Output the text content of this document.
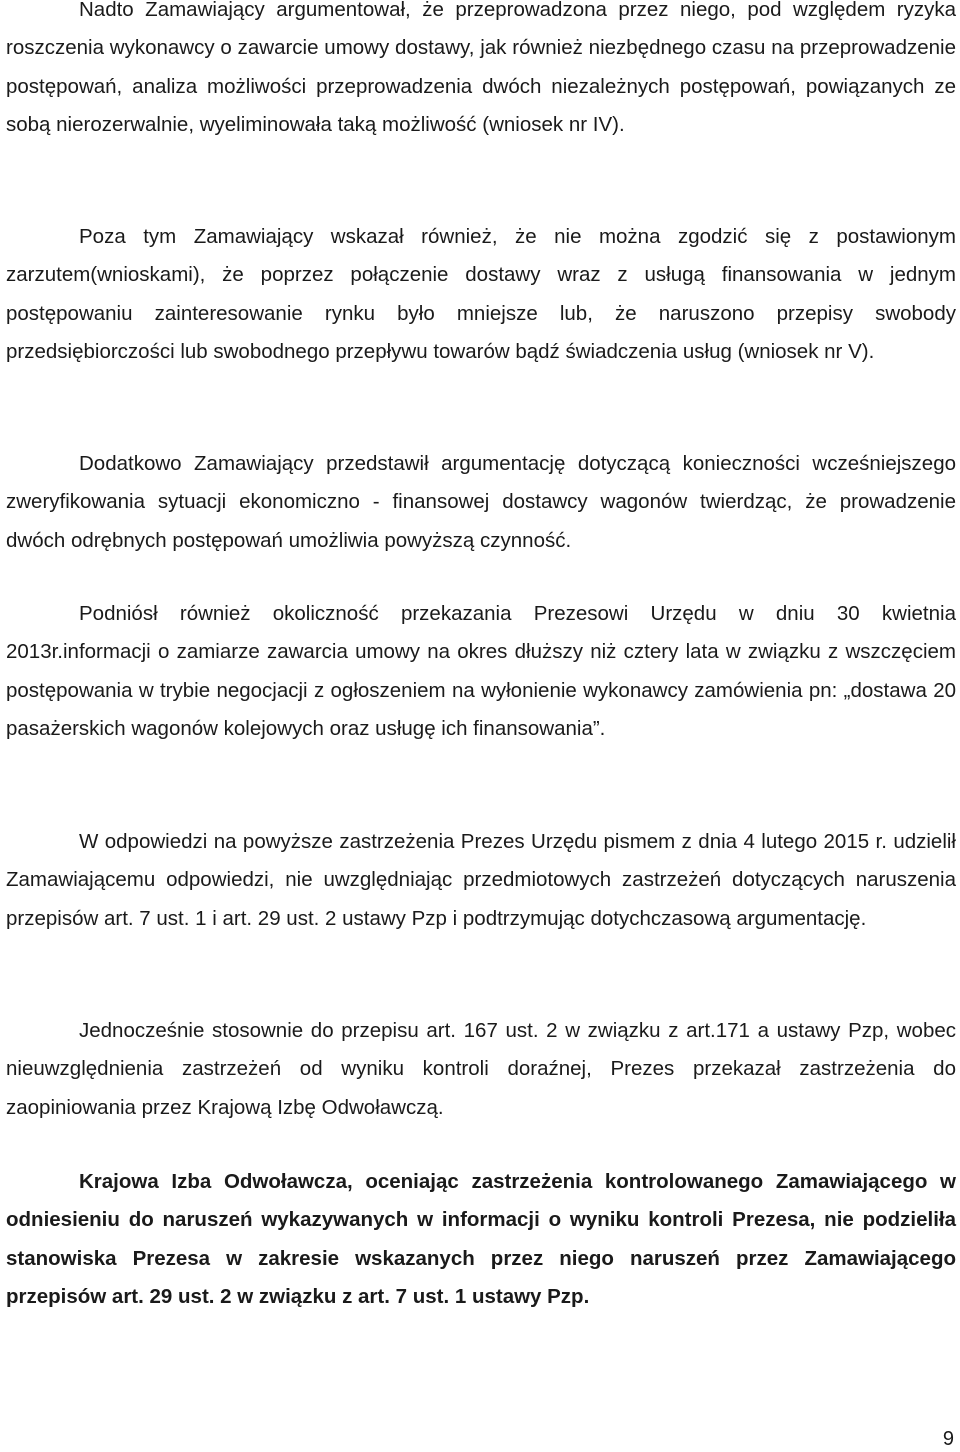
Nadto Zamawiający argumentował, że przeprowadzona przez niego, pod względem ryzyka roszczenia wykonawcy o zawarcie umowy dostawy, jak również niezbędnego czasu na przeprowadzenie postępowań, analiza możliwości przeprowadzenia dwóch niezależnych postępowań, powiązanych ze sobą nierozerwalnie, wyeliminowała taką możliwość (wniosek nr IV).

Poza tym Zamawiający wskazał również, że nie można zgodzić się z postawionym zarzutem(wnioskami), że poprzez połączenie dostawy wraz z usługą finansowania w jednym postępowaniu zainteresowanie rynku było mniejsze lub, że naruszono przepisy swobody przedsiębiorczości lub swobodnego przepływu towarów bądź świadczenia usług (wniosek nr V).

Dodatkowo Zamawiający przedstawił argumentację dotyczącą konieczności wcześniejszego zweryfikowania sytuacji ekonomiczno - finansowej dostawcy wagonów twierdząc, że prowadzenie dwóch odrębnych postępowań umożliwia powyższą czynność.

Podniósł również okoliczność przekazania Prezesowi Urzędu w dniu 30 kwietnia 2013r.informacji o zamiarze zawarcia umowy na okres dłuższy niż cztery lata w związku z wszczęciem postępowania w trybie negocjacji z ogłoszeniem na wyłonienie wykonawcy zamówienia pn: „dostawa 20 pasażerskich wagonów kolejowych oraz usługę ich finansowania”.

W odpowiedzi na powyższe zastrzeżenia Prezes Urzędu pismem z dnia 4 lutego 2015 r. udzielił Zamawiającemu odpowiedzi, nie uwzględniając przedmiotowych zastrzeżeń dotyczących naruszenia przepisów art. 7 ust. 1 i art. 29 ust. 2 ustawy Pzp i podtrzymując dotychczasową argumentację.

Jednocześnie stosownie do przepisu art. 167 ust. 2 w związku z art.171 a ustawy Pzp, wobec nieuwzględnienia zastrzeżeń od wyniku kontroli doraźnej, Prezes przekazał zastrzeżenia do zaopiniowania przez Krajową Izbę Odwoławczą.

Krajowa Izba Odwoławcza, oceniając zastrzeżenia kontrolowanego Zamawiającego w odniesieniu do naruszeń wykazywanych w informacji o wyniku kontroli Prezesa, nie podzieliła stanowiska Prezesa w zakresie wskazanych przez niego naruszeń przez Zamawiającego przepisów art. 29 ust. 2 w związku z art. 7 ust. 1 ustawy Pzp.

9
